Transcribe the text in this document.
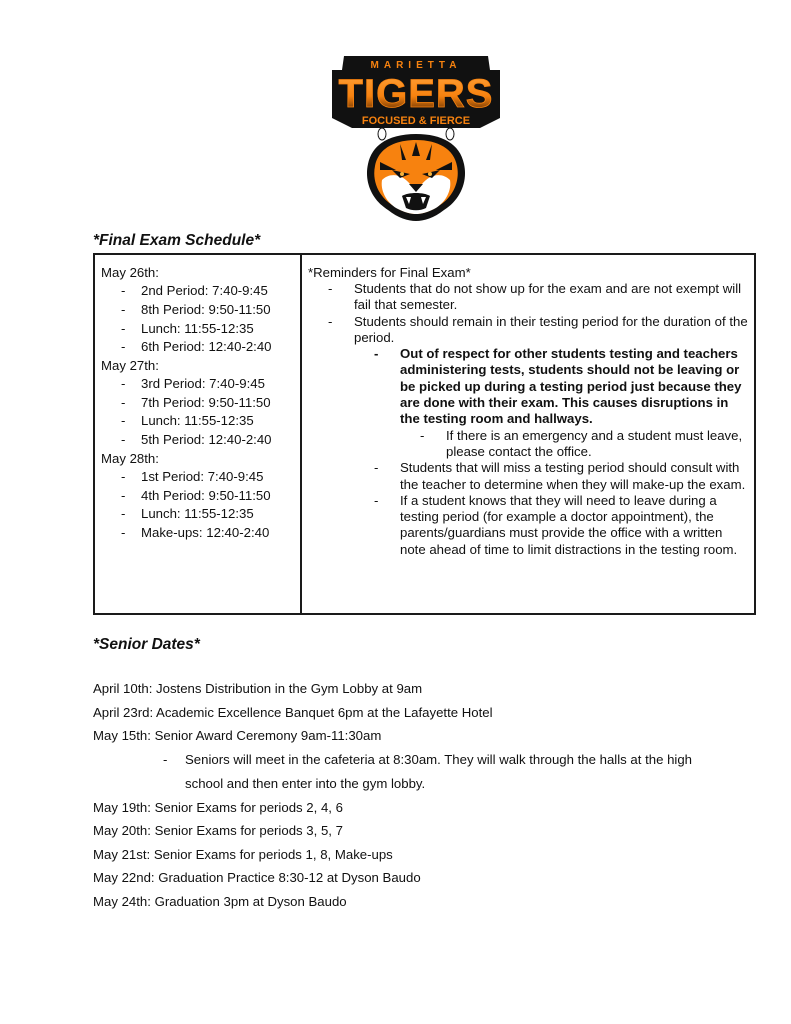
MARIETTA
TIGERS
FOCUSED & FIERCE
*Final Exam Schedule*
May 26th:
-	2nd Period: 7:40-9:45
-	8th Period: 9:50-11:50
-	Lunch: 11:55-12:35
-	6th Period: 12:40-2:40
May 27th:
-	3rd Period: 7:40-9:45
-	7th Period: 9:50-11:50
-	Lunch: 11:55-12:35
-	5th Period: 12:40-2:40
May 28th:
-	1st Period: 7:40-9:45
-	4th Period: 9:50-11:50
-	Lunch: 11:55-12:35
-	Make-ups: 12:40-2:40
*Reminders for Final Exam*
-	Students that do not show up for the exam and are not exempt will fail that semester.
-	Students should remain in their testing period for the duration of the period.
-	Out of respect for other students testing and teachers administering tests, students should not be leaving or be picked up during a testing period just because they are done with their exam. This causes disruptions in the testing room and hallways.
-	If there is an emergency and a student must leave, please contact the office.
-	Students that will miss a testing period should consult with the teacher to determine when they will make-up the exam.
-	If a student knows that they will need to leave during a testing period (for example a doctor appointment), the parents/guardians must provide the office with a written note ahead of time to limit distractions in the testing room.
*Senior Dates*
April 10th: Jostens Distribution in the Gym Lobby at 9am
April 23rd: Academic Excellence Banquet 6pm at the Lafayette Hotel
May 15th: Senior Award Ceremony 9am-11:30am
-	Seniors will meet in the cafeteria at 8:30am. They will walk through the halls at the high school and then enter into the gym lobby.
May 19th: Senior Exams for periods 2, 4, 6
May 20th: Senior Exams for periods 3, 5, 7
May 21st: Senior Exams for periods 1, 8, Make-ups
May 22nd: Graduation Practice 8:30-12 at Dyson Baudo
May 24th: Graduation 3pm at Dyson Baudo
